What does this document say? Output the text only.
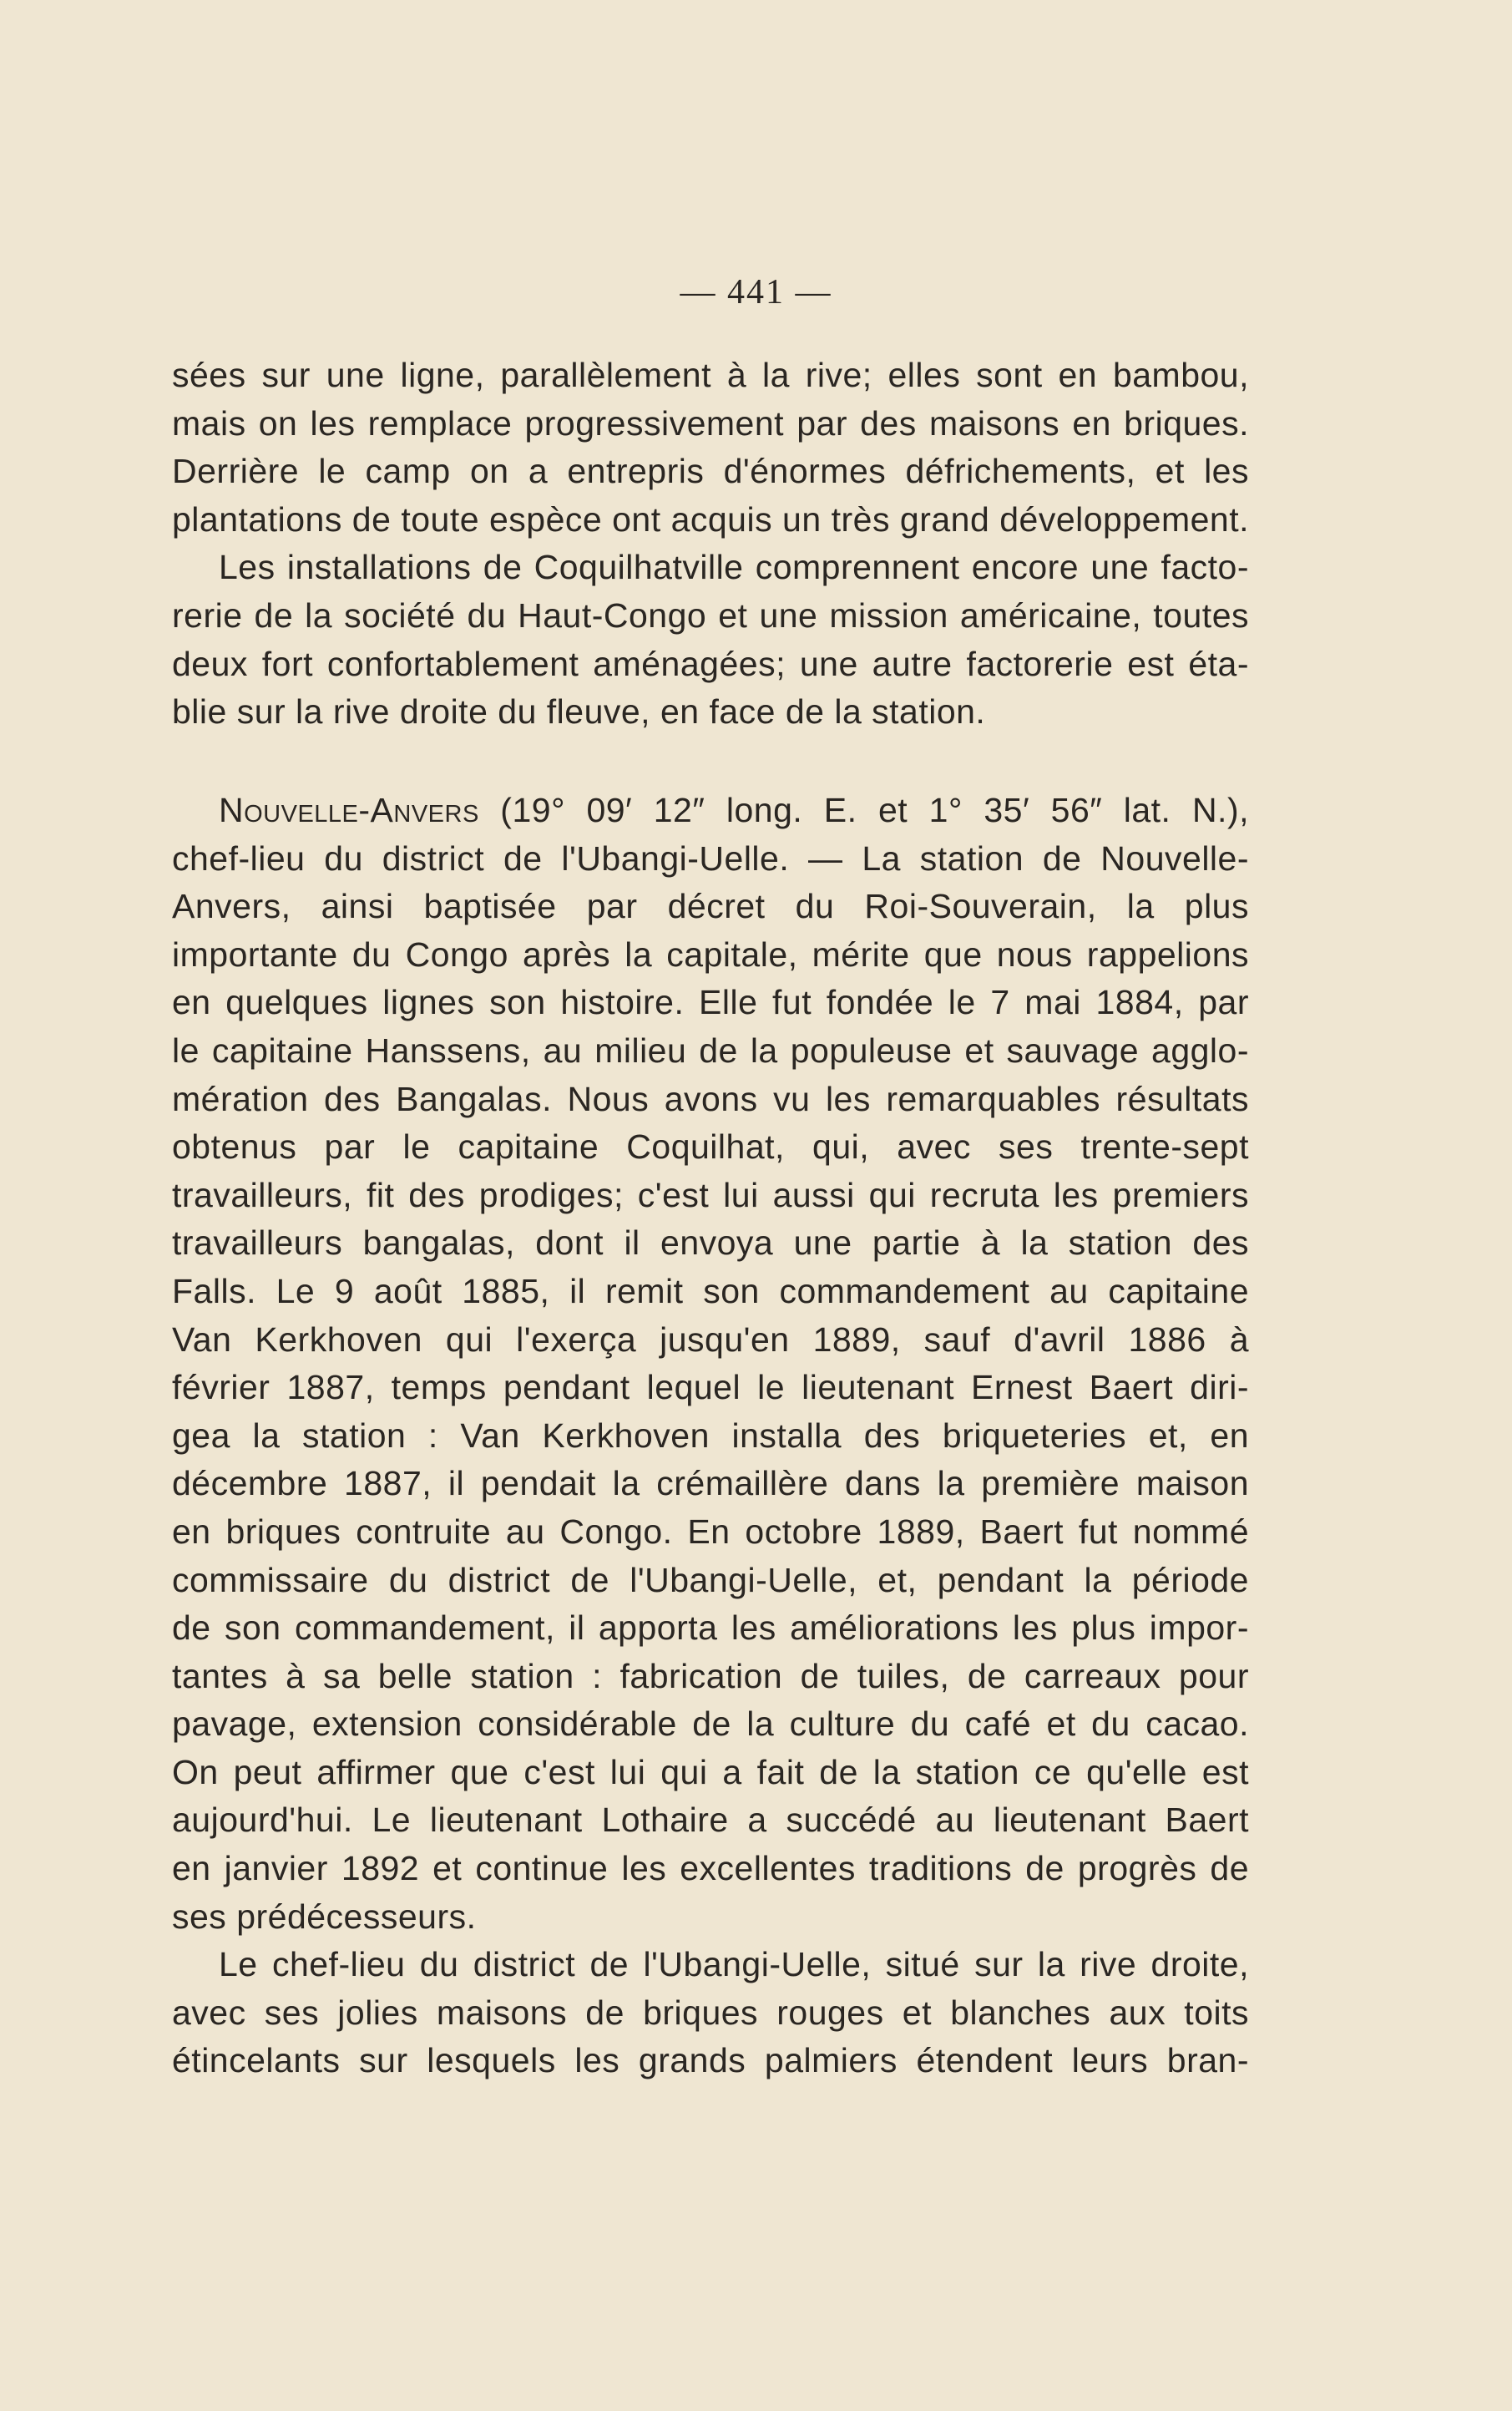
— 441 —
sées sur une ligne, parallèlement à la rive; elles sont en bambou,
mais on les remplace progressivement par des maisons en briques.
Derrière le camp on a entrepris d'énormes défrichements, et les
plantations de toute espèce ont acquis un très grand développement.
Les installations de Coquilhatville comprennent encore une facto-
rerie de la société du Haut-Congo et une mission américaine, toutes
deux fort confortablement aménagées; une autre factorerie est éta-
blie sur la rive droite du fleuve, en face de la station.
Nouvelle-Anvers (19° 09′ 12″ long. E. et 1° 35′ 56″ lat. N.),
chef-lieu du district de l'Ubangi-Uelle. — La station de Nouvelle-
Anvers, ainsi baptisée par décret du Roi-Souverain, la plus
importante du Congo après la capitale, mérite que nous rappelions
en quelques lignes son histoire. Elle fut fondée le 7 mai 1884, par
le capitaine Hanssens, au milieu de la populeuse et sauvage agglo-
mération des Bangalas. Nous avons vu les remarquables résultats
obtenus par le capitaine Coquilhat, qui, avec ses trente-sept
travailleurs, fit des prodiges; c'est lui aussi qui recruta les premiers
travailleurs bangalas, dont il envoya une partie à la station des
Falls. Le 9 août 1885, il remit son commandement au capitaine
Van Kerkhoven qui l'exerça jusqu'en 1889, sauf d'avril 1886 à
février 1887, temps pendant lequel le lieutenant Ernest Baert diri-
gea la station : Van Kerkhoven installa des briqueteries et, en
décembre 1887, il pendait la crémaillère dans la première maison
en briques contruite au Congo. En octobre 1889, Baert fut nommé
commissaire du district de l'Ubangi-Uelle, et, pendant la période
de son commandement, il apporta les améliorations les plus impor-
tantes à sa belle station : fabrication de tuiles, de carreaux pour
pavage, extension considérable de la culture du café et du cacao.
On peut affirmer que c'est lui qui a fait de la station ce qu'elle est
aujourd'hui. Le lieutenant Lothaire a succédé au lieutenant Baert
en janvier 1892 et continue les excellentes traditions de progrès de
ses prédécesseurs.
Le chef-lieu du district de l'Ubangi-Uelle, situé sur la rive droite,
avec ses jolies maisons de briques rouges et blanches aux toits
étincelants sur lesquels les grands palmiers étendent leurs bran-
